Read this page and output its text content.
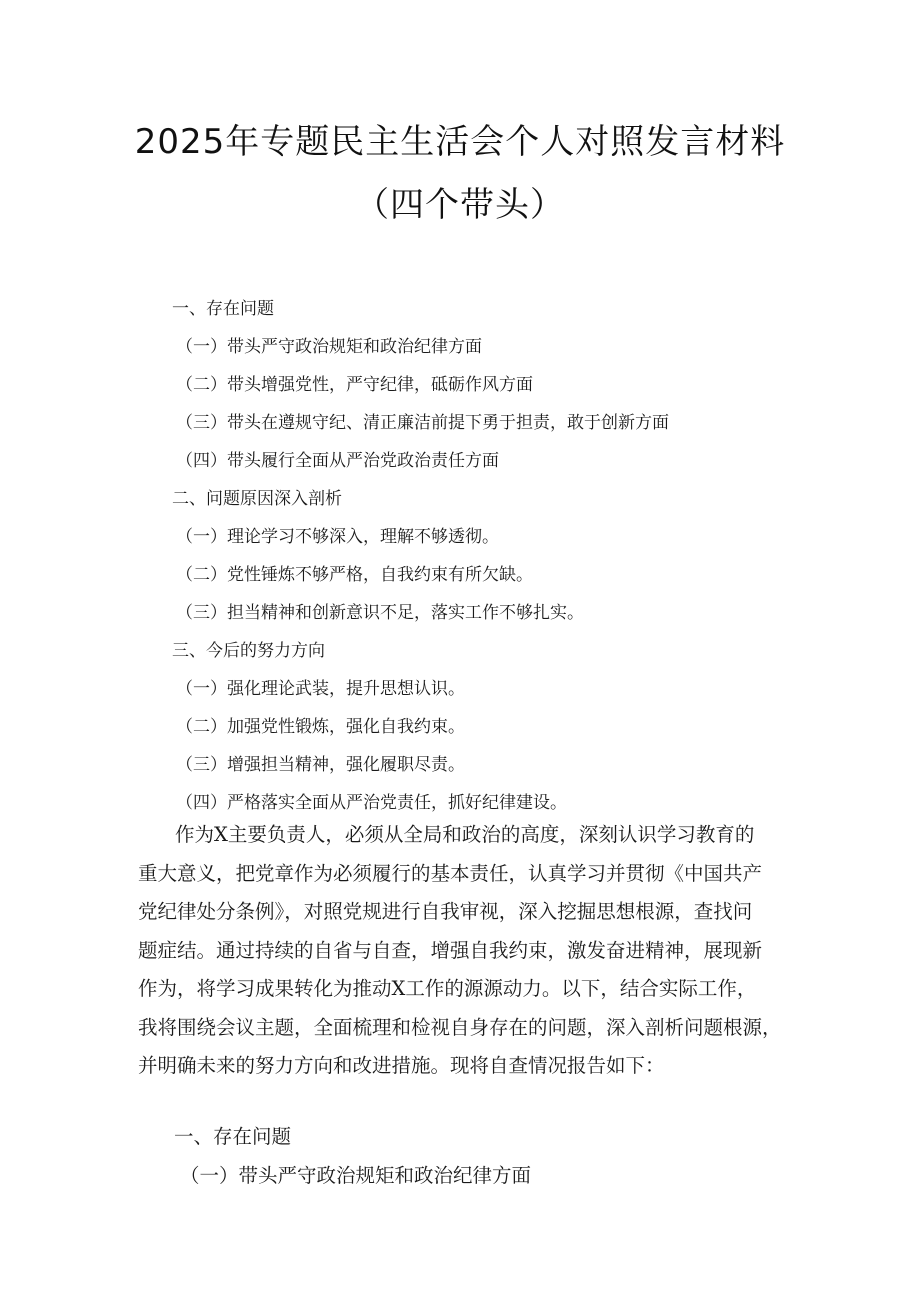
2025年专题民主生活会个人对照发言材料
（四个带头）
一、存在问题
（一）带头严守政治规矩和政治纪律方面
（二）带头增强党性，严守纪律，砥砺作风方面
（三）带头在遵规守纪、清正廉洁前提下勇于担责，敢于创新方面
（四）带头履行全面从严治党政治责任方面
二、问题原因深入剖析
（一）理论学习不够深入，理解不够透彻。
（二）党性锤炼不够严格，自我约束有所欠缺。
（三）担当精神和创新意识不足，落实工作不够扎实。
三、今后的努力方向
（一）强化理论武装，提升思想认识。
（二）加强党性锻炼，强化自我约束。
（三）增强担当精神，强化履职尽责。
（四）严格落实全面从严治党责任，抓好纪律建设。
作为X主要负责人，必须从全局和政治的高度，深刻认识学习教育的
重大意义，把党章作为必须履行的基本责任，认真学习并贯彻《中国共产
党纪律处分条例》，对照党规进行自我审视，深入挖掘思想根源，查找问
题症结。通过持续的自省与自查，增强自我约束，激发奋进精神，展现新
作为，将学习成果转化为推动X工作的源源动力。以下，结合实际工作，
我将围绕会议主题，全面梳理和检视自身存在的问题，深入剖析问题根源，
并明确未来的努力方向和改进措施。现将自查情况报告如下：
一、存在问题
（一）带头严守政治规矩和政治纪律方面
